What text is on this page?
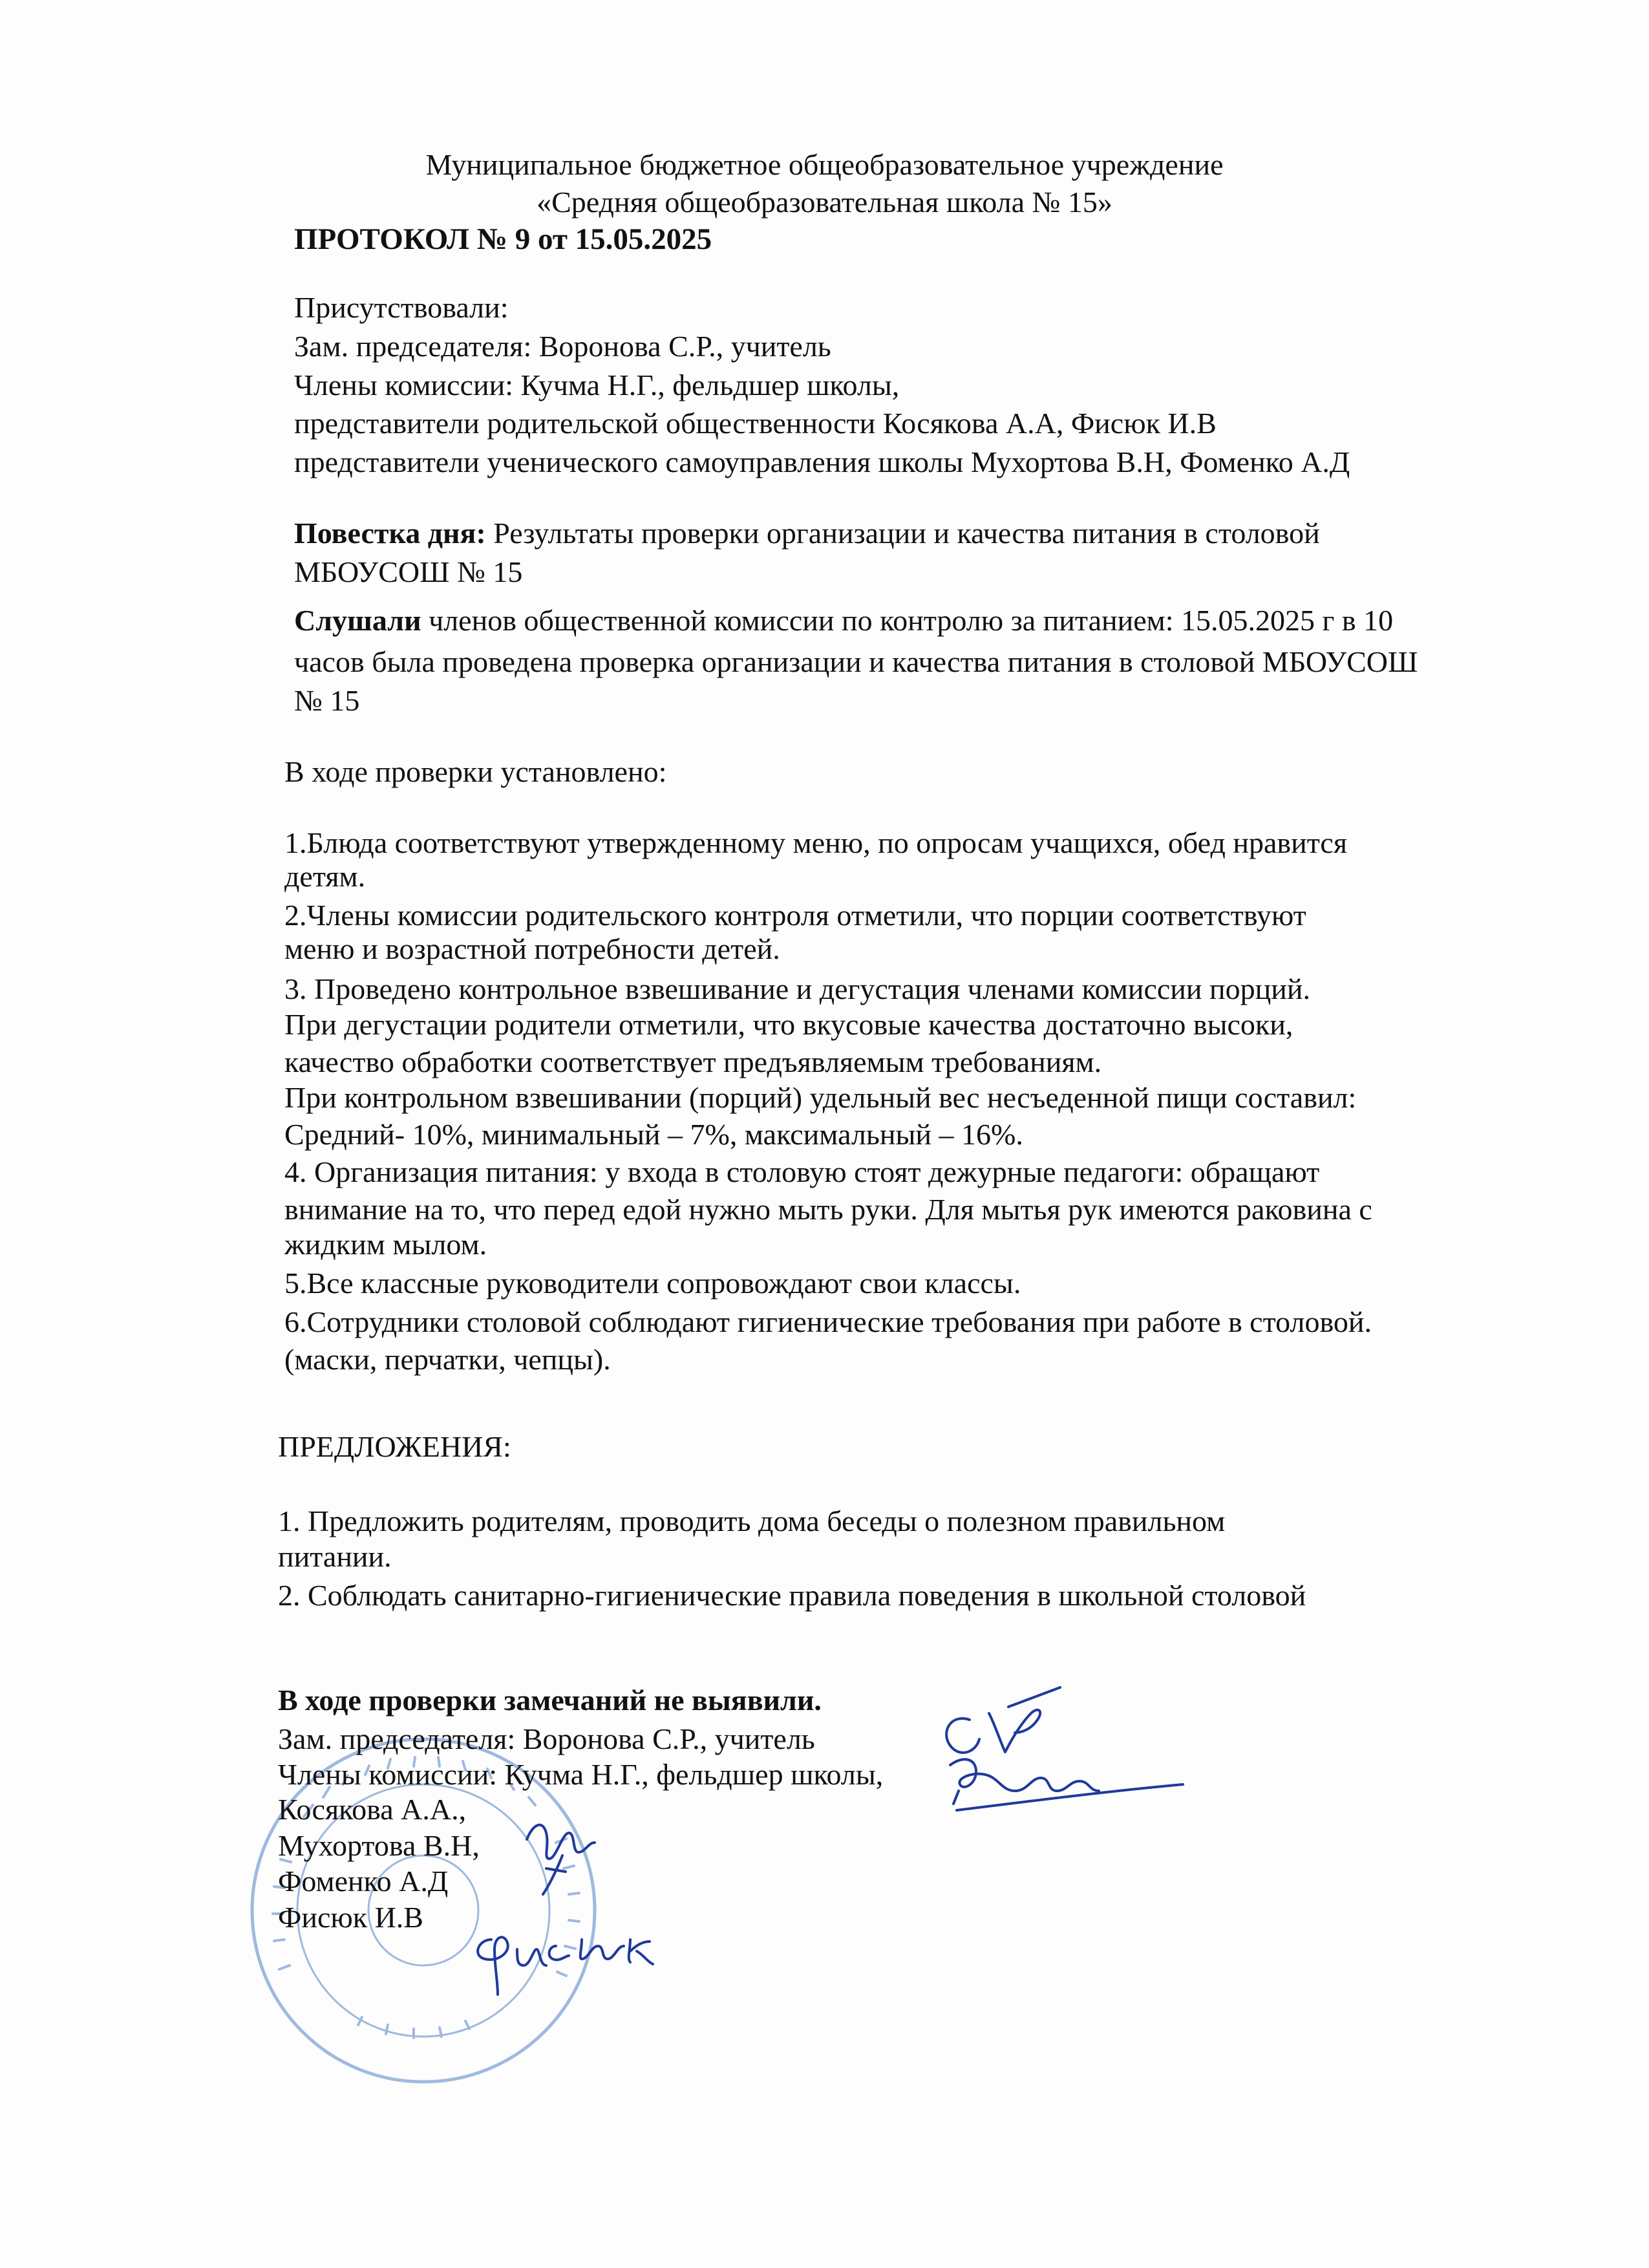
Муниципальное бюджетное общеобразовательное учреждение
«Средняя общеобразовательная школа № 15»
ПРОТОКОЛ № 9 от 15.05.2025
Присутствовали:
Зам. председателя: Воронова С.Р., учитель
Члены комиссии: Кучма Н.Г., фельдшер школы,
представители родительской общественности Косякова А.А, Фисюк И.В
представители ученического самоуправления школы Мухортова В.Н, Фоменко А.Д
Повестка дня: Результаты проверки организации и качества питания в столовой
МБОУСОШ № 15
Слушали членов общественной комиссии по контролю за питанием: 15.05.2025 г в 10
часов была проведена проверка организации и качества питания в столовой МБОУСОШ
№ 15
В ходе проверки установлено:
1.Блюда соответствуют утвержденному меню, по опросам учащихся, обед нравится
детям.
2.Члены комиссии родительского контроля отметили, что порции соответствуют
меню и возрастной потребности детей.
3. Проведено контрольное взвешивание и дегустация членами комиссии порций.
При дегустации родители отметили, что вкусовые качества достаточно высоки,
качество обработки соответствует предъявляемым требованиям.
При контрольном взвешивании (порций) удельный вес несъеденной пищи составил:
Средний- 10%, минимальный – 7%, максимальный – 16%.
4. Организация питания: у входа в столовую стоят дежурные педагоги: обращают
внимание на то, что перед едой нужно мыть руки. Для мытья рук имеются раковина с
жидким мылом.
5.Все классные руководители сопровождают свои классы.
6.Сотрудники столовой соблюдают гигиенические требования при работе в столовой.
(маски, перчатки, чепцы).
ПРЕДЛОЖЕНИЯ:
1. Предложить родителям, проводить дома беседы о полезном правильном
питании.
2. Соблюдать санитарно-гигиенические правила поведения в школьной столовой
В ходе проверки замечаний не выявили.
Зам. председателя: Воронова С.Р., учитель
Члены комиссии: Кучма Н.Г., фельдшер школы,
Косякова А.А.,
Мухортова В.Н,
Фоменко А.Д
Фисюк И.В
